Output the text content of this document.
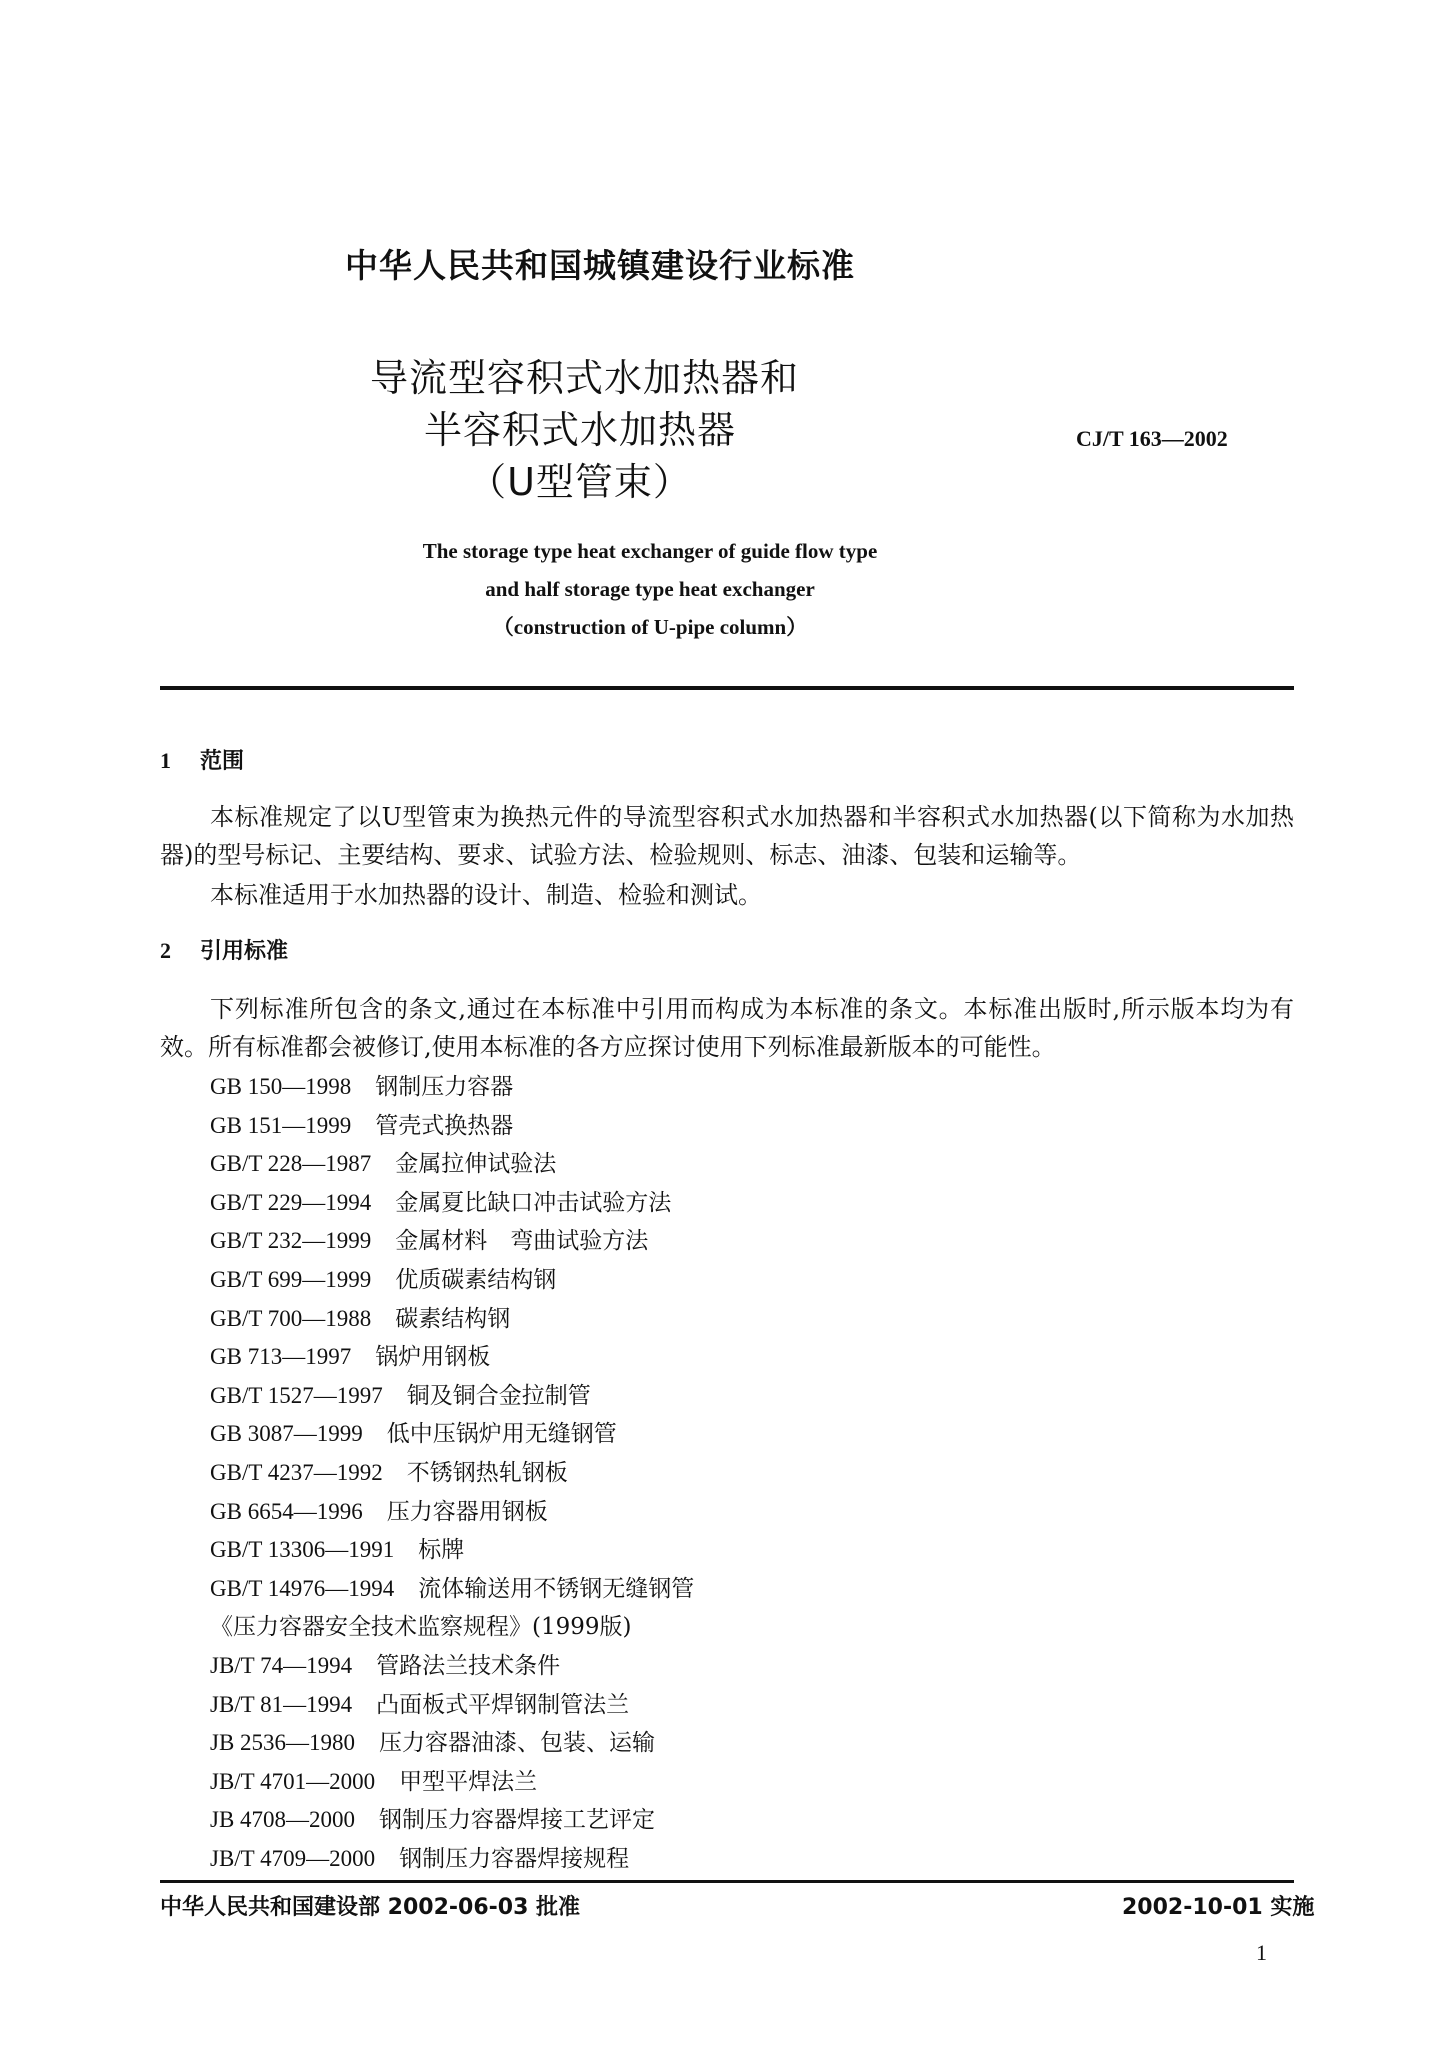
中华人民共和国城镇建设行业标准
导流型容积式水加热器和
半容积式水加热器
（U型管束）
CJ/T 163—2002
The storage type heat exchanger of guide flow type
and half storage type heat exchanger
（construction of U-pipe column）
1 范围
本标准规定了以U型管束为换热元件的导流型容积式水加热器和半容积式水加热器(以下简称为水加热器)的型号标记、主要结构、要求、试验方法、检验规则、标志、油漆、包装和运输等。
本标准适用于水加热器的设计、制造、检验和测试。
2 引用标准
下列标准所包含的条文,通过在本标准中引用而构成为本标准的条文。本标准出版时,所示版本均为有效。所有标准都会被修订,使用本标准的各方应探讨使用下列标准最新版本的可能性。
GB 150—1998 钢制压力容器
GB 151—1999 管壳式换热器
GB/T 228—1987 金属拉伸试验法
GB/T 229—1994 金属夏比缺口冲击试验方法
GB/T 232—1999 金属材料　弯曲试验方法
GB/T 699—1999 优质碳素结构钢
GB/T 700—1988 碳素结构钢
GB 713—1997 锅炉用钢板
GB/T 1527—1997 铜及铜合金拉制管
GB 3087—1999 低中压锅炉用无缝钢管
GB/T 4237—1992 不锈钢热轧钢板
GB 6654—1996 压力容器用钢板
GB/T 13306—1991 标牌
GB/T 14976—1994 流体输送用不锈钢无缝钢管
《压力容器安全技术监察规程》(1999版)
JB/T 74—1994 管路法兰技术条件
JB/T 81—1994 凸面板式平焊钢制管法兰
JB 2536—1980 压力容器油漆、包装、运输
JB/T 4701—2000 甲型平焊法兰
JB 4708—2000 钢制压力容器焊接工艺评定
JB/T 4709—2000 钢制压力容器焊接规程
中华人民共和国建设部 2002-06-03 批准	2002-10-01 实施
1
